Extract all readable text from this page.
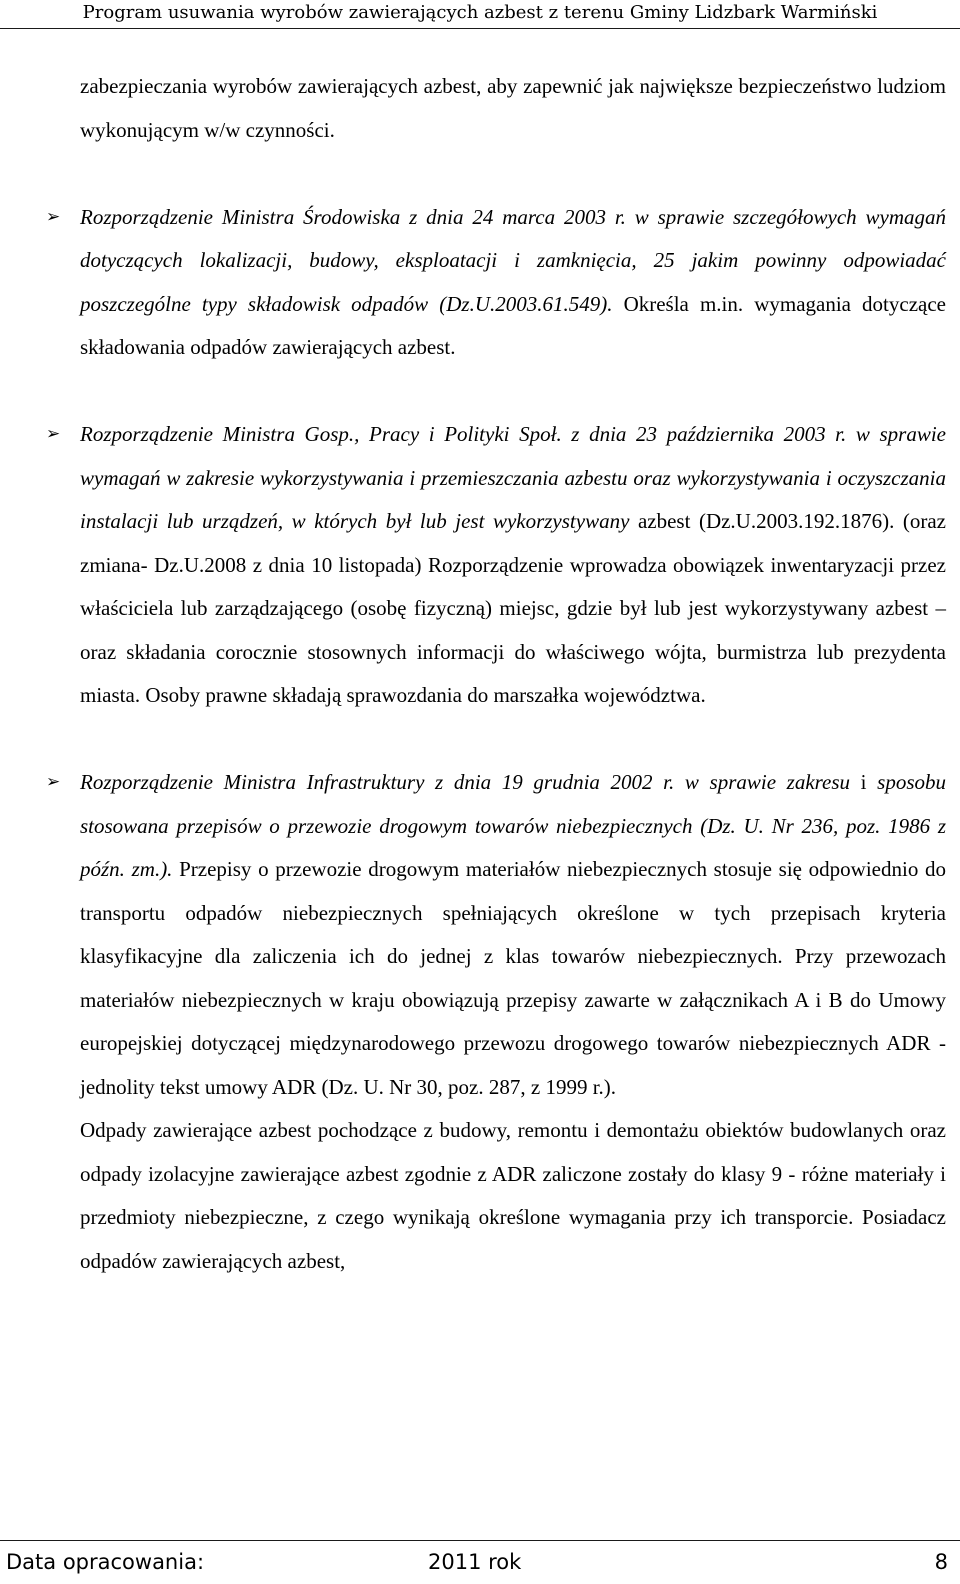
Program usuwania wyrobów zawierających azbest z terenu Gminy Lidzbark Warmiński

zabezpieczania wyrobów zawierających azbest, aby zapewnić jak największe bezpieczeństwo ludziom wykonującym w/w czynności.

➢ Rozporządzenie Ministra Środowiska z dnia 24 marca 2003 r. w sprawie szczegółowych wymagań dotyczących lokalizacji, budowy, eksploatacji i zamknięcia, 25 jakim powinny odpowiadać poszczególne typy składowisk odpadów (Dz.U.2003.61.549). Określa m.in. wymagania dotyczące składowania odpadów zawierających azbest.

➢ Rozporządzenie Ministra Gosp., Pracy i Polityki Społ. z dnia 23 października 2003 r. w sprawie wymagań w zakresie wykorzystywania i przemieszczania azbestu oraz wykorzystywania i oczyszczania instalacji lub urządzeń, w których był lub jest wykorzystywany azbest (Dz.U.2003.192.1876). (oraz zmiana- Dz.U.2008 z dnia 10 listopada) Rozporządzenie wprowadza obowiązek inwentaryzacji przez właściciela lub zarządzającego (osobę fizyczną) miejsc, gdzie był lub jest wykorzystywany azbest – oraz składania corocznie stosownych informacji do właściwego wójta, burmistrza lub prezydenta miasta. Osoby prawne składają sprawozdania do marszałka województwa.

➢ Rozporządzenie Ministra Infrastruktury z dnia 19 grudnia 2002 r. w sprawie zakresu i sposobu stosowana przepisów o przewozie drogowym towarów niebezpiecznych (Dz. U. Nr 236, poz. 1986 z późn. zm.). Przepisy o przewozie drogowym materiałów niebezpiecznych stosuje się odpowiednio do transportu odpadów niebezpiecznych spełniających określone w tych przepisach kryteria klasyfikacyjne dla zaliczenia ich do jednej z klas towarów niebezpiecznych. Przy przewozach materiałów niebezpiecznych w kraju obowiązują przepisy zawarte w załącznikach A i B do Umowy europejskiej dotyczącej międzynarodowego przewozu drogowego towarów niebezpiecznych ADR - jednolity tekst umowy ADR (Dz. U. Nr 30, poz. 287, z 1999 r.).

Odpady zawierające azbest pochodzące z budowy, remontu i demontażu obiektów budowlanych oraz odpady izolacyjne zawierające azbest zgodnie z ADR zaliczone zostały do klasy 9 - różne materiały i przedmioty niebezpieczne, z czego wynikają określone wymagania przy ich transporcie. Posiadacz odpadów zawierających azbest,

Data opracowania:	2011 rok	8
